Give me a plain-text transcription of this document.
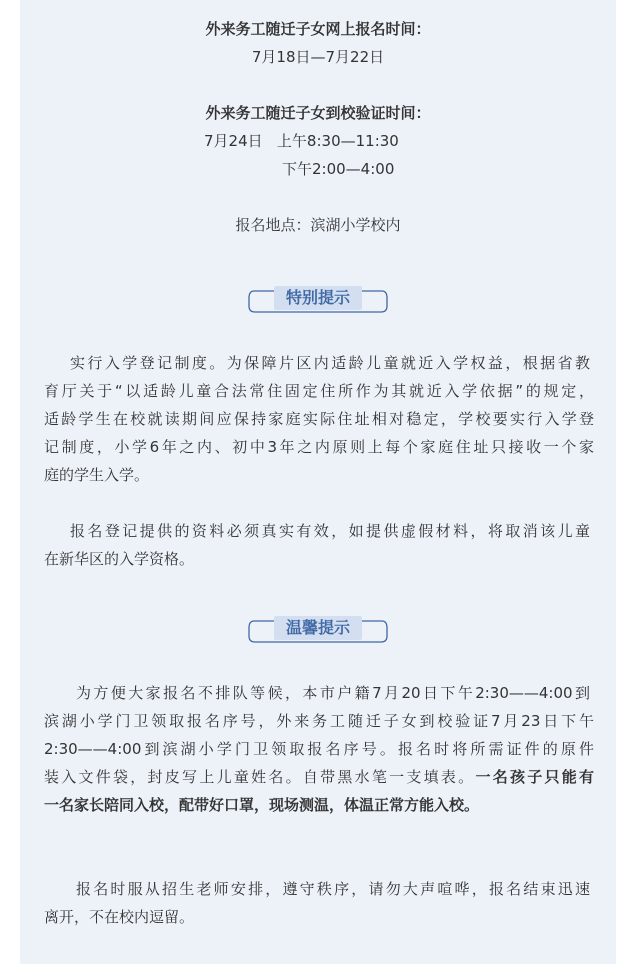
外来务工随迁子女网上报名时间：
7月18日—7月22日
外来务工随迁子女到校验证时间：
7月24日   上午8:30—11:30
下午2:00—4:00
报名地点：滨湖小学校内
特别提示
实行入学登记制度。为保障片区内适龄儿童就近入学权益，根据省教
育厅关于“以适龄儿童合法常住固定住所作为其就近入学依据”的规定，
适龄学生在校就读期间应保持家庭实际住址相对稳定，学校要实行入学登
记制度，小学6年之内、初中3年之内原则上每个家庭住址只接收一个家
庭的学生入学。
报名登记提供的资料必须真实有效，如提供虚假材料，将取消该儿童
在新华区的入学资格。
温馨提示
为方便大家报名不排队等候，本市户籍7月20日下午2:30——4:00到
滨湖小学门卫领取报名序号，外来务工随迁子女到校验证7月23日下午
2:30——4:00到滨湖小学门卫领取报名序号。报名时将所需证件的原件
装入文件袋，封皮写上儿童姓名。自带黑水笔一支填表。一名孩子只能有
一名家长陪同入校，配带好口罩，现场测温，体温正常方能入校。
报名时服从招生老师安排，遵守秩序，请勿大声喧哗，报名结束迅速
离开，不在校内逗留。
